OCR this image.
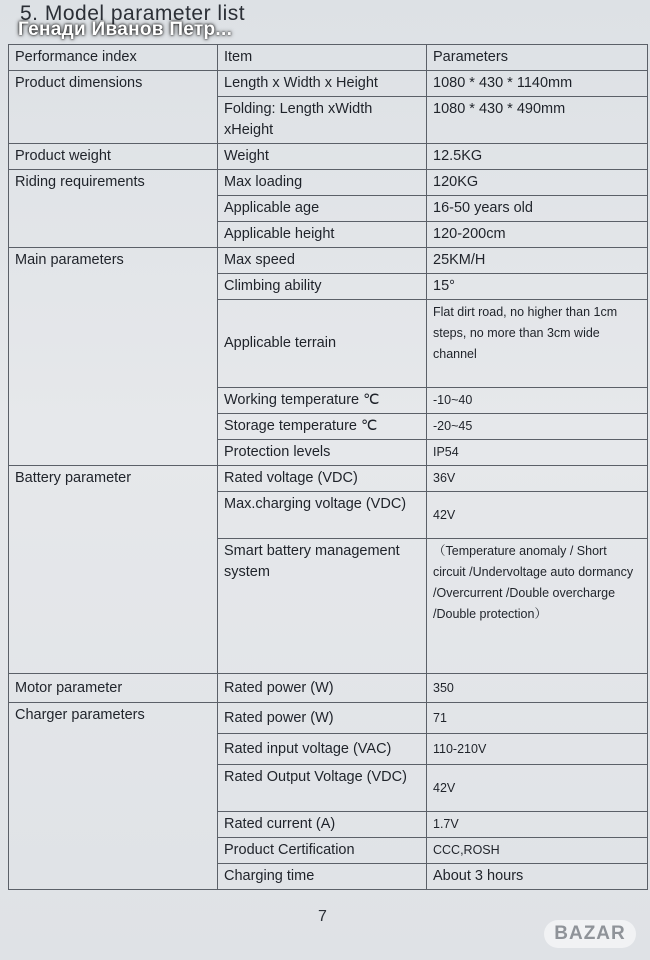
5. Model parameter list
Генади Иванов Петр...
Performance index	Item	Parameters
Product dimensions	Length x Width x Height	1080 * 430 * 1140mm
	Folding: Length xWidth xHeight	1080 * 430 * 490mm
Product weight	Weight	12.5KG
Riding requirements	Max loading	120KG
	Applicable age	16-50 years old
	Applicable height	120-200cm
Main parameters	Max speed	25KM/H
	Climbing ability	15°
	Applicable terrain	Flat dirt road, no higher than 1cm steps, no more than 3cm wide channel
	Working temperature ℃	-10~40
	Storage temperature ℃	-20~45
	Protection levels	IP54
Battery parameter	Rated voltage (VDC)	36V
	Max.charging voltage (VDC)	42V
	Smart battery management system	（Temperature anomaly / Short circuit /Undervoltage auto dormancy /Overcurrent /Double overcharge /Double protection）
Motor parameter	Rated power (W)	350
Charger parameters	Rated power (W)	71
	Rated input voltage (VAC)	110-210V
	Rated Output Voltage (VDC)	42V
	Rated current (A)	1.7V
	Product Certification	CCC,ROSH
	Charging time	About 3 hours
7
BAZAR
